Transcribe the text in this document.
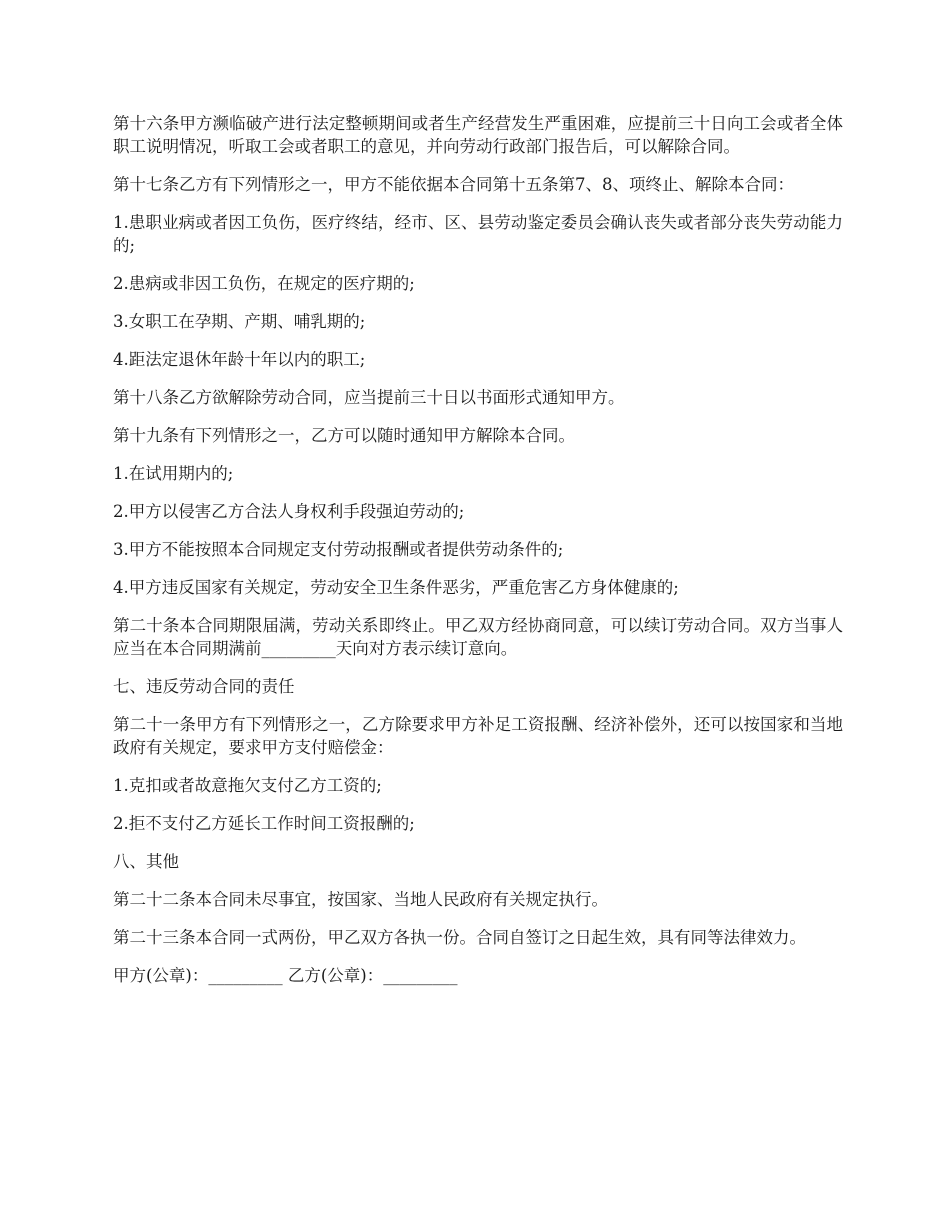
第十六条甲方濒临破产进行法定整顿期间或者生产经营发生严重困难，应提前三十日向工会或者全体职工说明情况，听取工会或者职工的意见，并向劳动行政部门报告后，可以解除合同。

第十七条乙方有下列情形之一，甲方不能依据本合同第十五条第7、8、项终止、解除本合同：

1.患职业病或者因工负伤，医疗终结，经市、区、县劳动鉴定委员会确认丧失或者部分丧失劳动能力的;

2.患病或非因工负伤，在规定的医疗期的;

3.女职工在孕期、产期、哺乳期的;

4.距法定退休年龄十年以内的职工;

第十八条乙方欲解除劳动合同，应当提前三十日以书面形式通知甲方。

第十九条有下列情形之一，乙方可以随时通知甲方解除本合同。

1.在试用期内的;

2.甲方以侵害乙方合法人身权利手段强迫劳动的;

3.甲方不能按照本合同规定支付劳动报酬或者提供劳动条件的;

4.甲方违反国家有关规定，劳动安全卫生条件恶劣，严重危害乙方身体健康的;

第二十条本合同期限届满，劳动关系即终止。甲乙双方经协商同意，可以续订劳动合同。双方当事人应当在本合同期满前_________天向对方表示续订意向。

七、违反劳动合同的责任

第二十一条甲方有下列情形之一，乙方除要求甲方补足工资报酬、经济补偿外，还可以按国家和当地政府有关规定，要求甲方支付赔偿金：

1.克扣或者故意拖欠支付乙方工资的;

2.拒不支付乙方延长工作时间工资报酬的;

八、其他

第二十二条本合同未尽事宜，按国家、当地人民政府有关规定执行。

第二十三条本合同一式两份，甲乙双方各执一份。合同自签订之日起生效，具有同等法律效力。

甲方(公章)：_________ 乙方(公章)：_________
